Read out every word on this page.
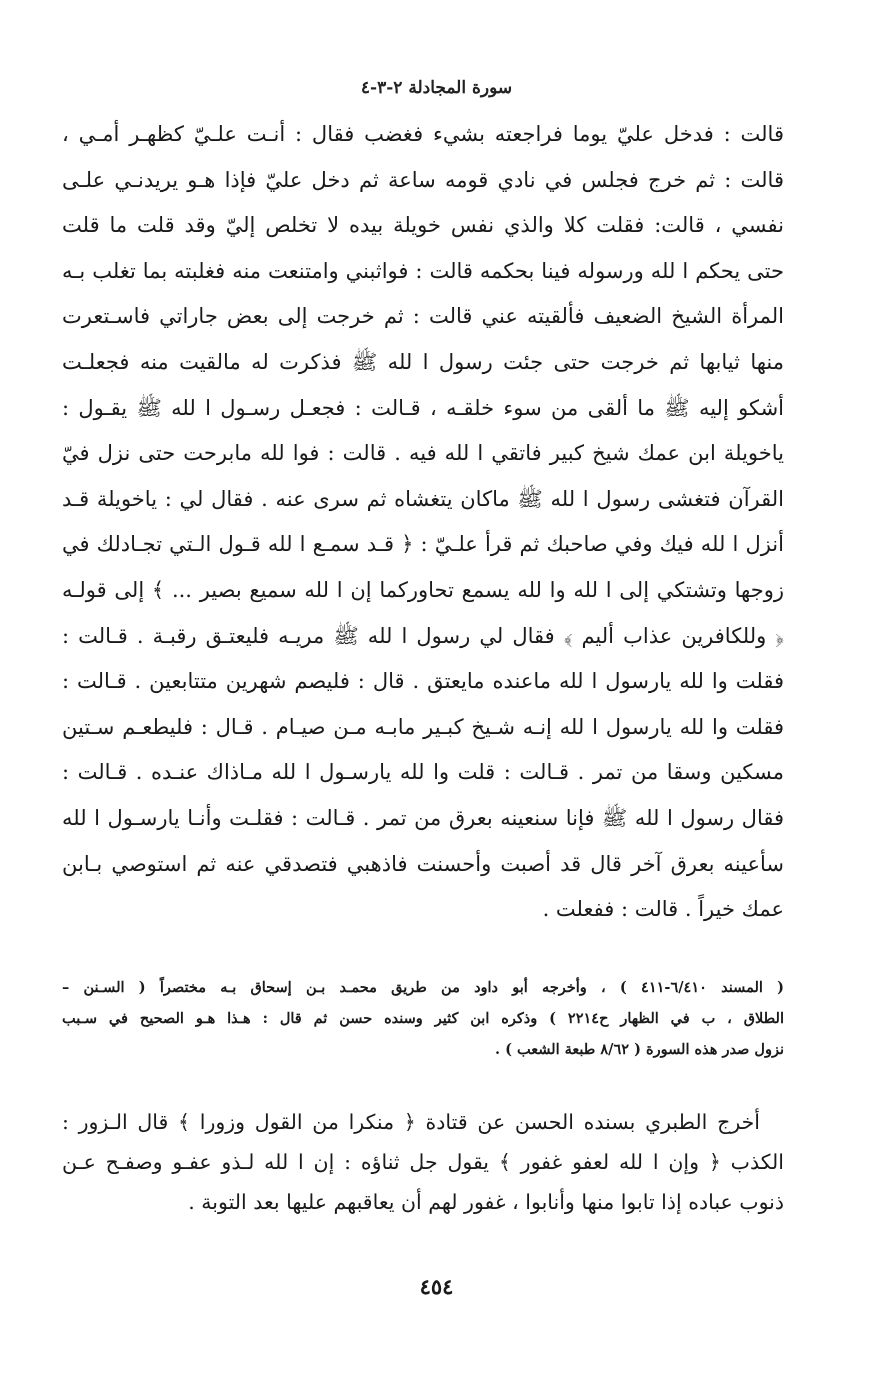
سورة المجادلة ٢-٣-٤
قالت : فدخل عليّ يوما فراجعته بشيء فغضب فقال : أنـت علـيّ كظهـر أمـي ،
قالت : ثم خرج فجلس في نادي قومه ساعة ثم دخل عليّ فإذا هـو يريدنـي علـى
نفسي ، قالت: فقلت كلا والذي نفس خويلة بيده لا تخلص إليّ وقد قلت ما قلت
حتى يحكم ا لله ورسوله فينا بحكمه قالت : فواثبني وامتنعت منه فغلبته بما تغلب بـه
المرأة الشيخ الضعيف فألقيته عني قالت : ثم خرجت إلى بعض جاراتي فاسـتعرت
منها ثيابها ثم خرجت حتى جئت رسول ا لله ﷺ فذكرت له مالقيت منه فجعلـت
أشكو إليه ﷺ ما ألقى من سوء خلقـه ، قـالت : فجعـل رسـول ا لله ﷺ يقـول :
ياخويلة ابن عمك شيخ كبير فاتقي ا لله فيه . قالت : فوا لله مابرحت حتى نزل فيّ
القرآن فتغشى رسول ا لله ﷺ ماكان يتغشاه ثم سرى عنه . فقال لي : ياخويلة قـد
أنزل ا لله فيك وفي صاحبك ثم قرأ علـيّ : ﴿ قـد سمـع ا لله قـول الـتي تجـادلك في
زوجها وتشتكي إلى ا لله وا لله يسمع تحاوركما إن ا لله سميع بصير ... ﴾ إلى قولـه
﴿ وللكافرين عذاب أليم ﴾ فقال لي رسول ا لله ﷺ مريـه فليعتـق رقبـة . قـالت :
فقلت وا لله يارسول ا لله ماعنده مايعتق . قال : فليصم شهرين متتابعين . قـالت :
فقلت وا لله يارسول ا لله إنـه شـيخ كبـير مابـه مـن صيـام . قـال : فليطعـم سـتين
مسكين وسقا من تمر . قـالت : قلت وا لله يارسـول ا لله مـاذاك عنـده . قـالت :
فقال رسول ا لله ﷺ فإنا سنعينه بعرق من تمر . قـالت : فقلـت وأنـا يارسـول ا لله
سأعينه بعرق آخر قال قد أصبت وأحسنت فاذهبي فتصدقي عنه ثم استوصي بـابن
عمك خيراً . قالت : ففعلت .
( المسند ٦/٤١٠-٤١١ ) ، وأخرجه أبو داود من طريق محمـد بـن إسحاق بـه مختصراً ( السـنن –
الطلاق ، ب في الظهار ح٢٢١٤ ) وذكره ابن كثير وسنده حسن ثم قال : هـذا هـو الصحيح في سـبب
نزول صدر هذه السورة ( ٨/٦٢ طبعة الشعب ) .
أخرج الطبري بسنده الحسن عن قتادة ﴿ منكرا من القول وزورا ﴾ قال الـزور :
الكذب ﴿ وإن ا لله لعفو غفور ﴾ يقول جل ثناؤه : إن ا لله لـذو عفـو وصفـح عـن
ذنوب عباده إذا تابوا منها وأنابوا ، غفور لهم أن يعاقبهم عليها بعد التوبة .
٤٥٤
